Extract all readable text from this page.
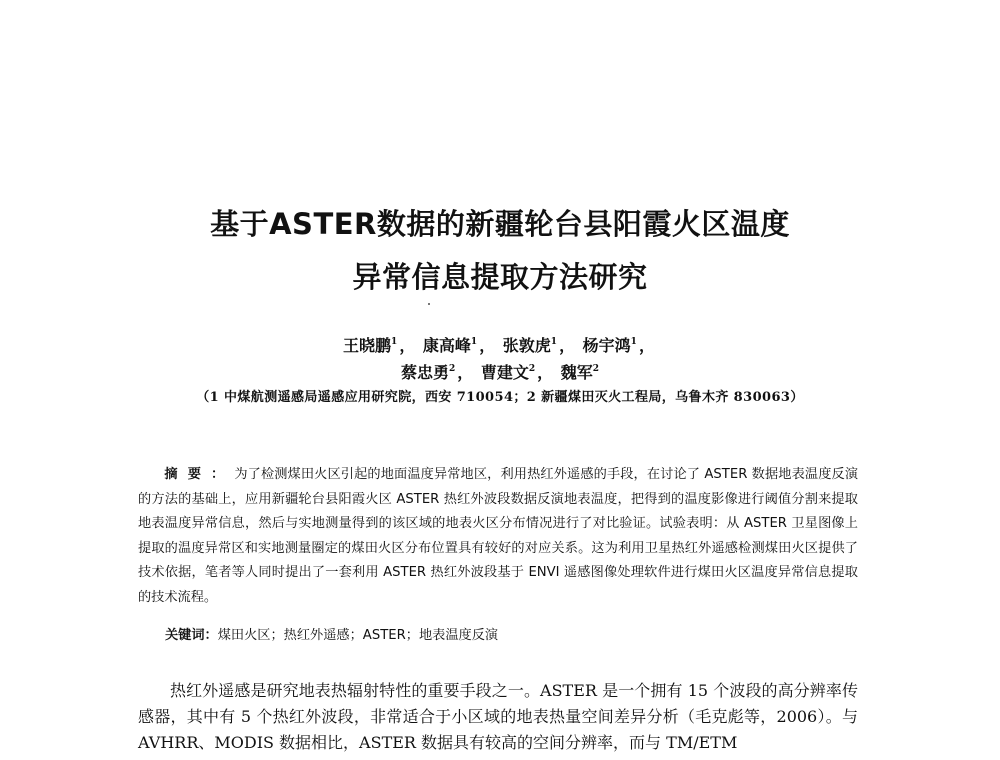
基于ASTER数据的新疆轮台县阳霞火区温度
异常信息提取方法研究
王晓鹏$^1$ ， 康高峰$^1$ ， 张敦虎$^1$ ， 杨宇鸿$^1$ ，
蔡忠勇$^2$ ， 曹建文$^2$ ， 魏军$^2$
（1 中煤航测遥感局遥感应用研究院，西安 710054；2 新疆煤田灭火工程局，乌鲁木齐 830063）

摘要：为了检测煤田火区引起的地面温度异常地区，利用热红外遥感的手段，在讨论了 ASTER 数据地表温度反演的方法的基础上，应用新疆轮台县阳霞火区 ASTER 热红外波段数据反演地表温度，把得到的温度影像进行阈值分割来提取地表温度异常信息，然后与实地测量得到的该区域的地表火区分布情况进行了对比验证。试验表明：从 ASTER 卫星图像上提取的温度异常区和实地测量圈定的煤田火区分布位置具有较好的对应关系。这为利用卫星热红外遥感检测煤田火区提供了技术依据，笔者等人同时提出了一套利用 ASTER 热红外波段基于 ENVI 遥感图像处理软件进行煤田火区温度异常信息提取的技术流程。

关键词：煤田火区；热红外遥感；ASTER；地表温度反演

热红外遥感是研究地表热辐射特性的重要手段之一。ASTER 是一个拥有 15 个波段的高分辨率传感器，其中有 5 个热红外波段，非常适合于小区域的地表热量空间差异分析（毛克彪等，2006）。与 AVHRR、MODIS 数据相比，ASTER 数据具有较高的空间分辨率，而与 TM/ETM
